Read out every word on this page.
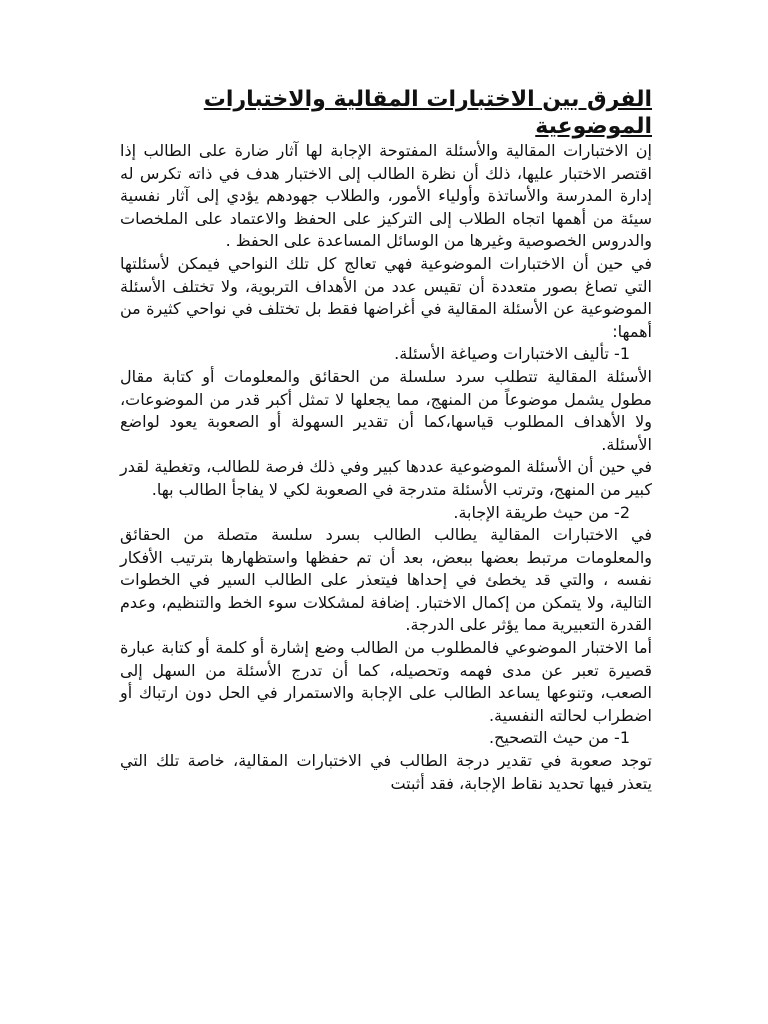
الفرق بين الاختبارات المقالية والاختبارات الموضوعية

إن الاختبارات المقالية والأسئلة المفتوحة الإجابة لها آثار ضارة على الطالب إذا اقتصر الاختبار عليها، ذلك أن نظرة الطالب إلى الاختبار هدف في ذاته تكرس له إدارة المدرسة والأساتذة وأولياء الأمور، والطلاب جهودهم يؤدي إلى آثار نفسية سيئة من أهمها اتجاه الطلاب إلى التركيز على الحفظ والاعتماد على الملخصات والدروس الخصوصية وغيرها من الوسائل المساعدة على الحفظ .

في حين أن الاختبارات الموضوعية فهي تعالج كل تلك النواحي فيمكن لأسئلتها التي تصاغ بصور متعددة أن تقيس عدد من الأهداف التربوية، ولا تختلف الأسئلة الموضوعية عن الأسئلة المقالية في أغراضها فقط بل تختلف في نواحي كثيرة من أهمها:

1- تأليف الاختبارات وصياغة الأسئلة.

الأسئلة المقالية تتطلب سرد سلسلة من الحقائق والمعلومات أو كتابة مقال مطول يشمل موضوعاً من المنهج، مما يجعلها لا تمثل أكبر قدر من الموضوعات، ولا الأهداف المطلوب قياسها،كما أن تقدير السهولة أو الصعوبة يعود لواضع الأسئلة.

في حين أن الأسئلة الموضوعية عددها كبير وفي ذلك فرصة للطالب، وتغطية لقدر كبير من المنهج، وترتب الأسئلة متدرجة في الصعوبة لكي لا يفاجأ الطالب بها.

2- من حيث طريقة الإجابة.

في الاختبارات المقالية يطالب الطالب بسرد سلسة متصلة من الحقائق والمعلومات مرتبط بعضها ببعض، بعد أن تم حفظها واستظهارها بترتيب الأفكار نفسه ، والتي قد يخطئ في إحداها فيتعذر على الطالب السير في الخطوات التالية، ولا يتمكن من إكمال الاختبار. إضافة لمشكلات سوء الخط والتنظيم، وعدم القدرة التعبيرية مما يؤثر على الدرجة.

أما الاختبار الموضوعي فالمطلوب من الطالب وضع إشارة أو كلمة أو كتابة عبارة قصيرة تعبر عن مدى فهمه وتحصيله، كما أن تدرج الأسئلة من السهل إلى الصعب، وتنوعها يساعد الطالب على الإجابة والاستمرار في الحل دون ارتباك أو اضطراب لحالته النفسية.

1- من حيث التصحيح.

توجد صعوبة في تقدير درجة الطالب في الاختبارات المقالية، خاصة تلك التي يتعذر فيها تحديد نقاط الإجابة، فقد أثبتت
